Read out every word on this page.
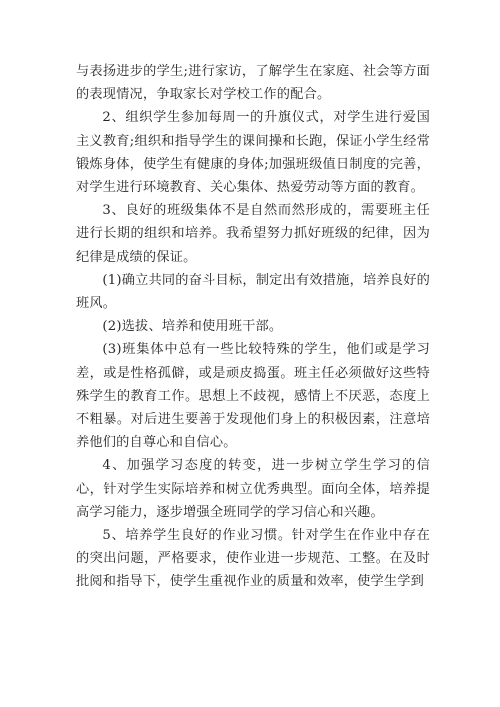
与表扬进步的学生;进行家访，了解学生在家庭、社会等方面的表现情况，争取家长对学校工作的配合。

2、组织学生参加每周一的升旗仪式，对学生进行爱国主义教育;组织和指导学生的课间操和长跑，保证小学生经常锻炼身体，使学生有健康的身体;加强班级值日制度的完善，对学生进行环境教育、关心集体、热爱劳动等方面的教育。

3、良好的班级集体不是自然而然形成的，需要班主任进行长期的组织和培养。我希望努力抓好班级的纪律，因为纪律是成绩的保证。

(1)确立共同的奋斗目标，制定出有效措施，培养良好的班风。

(2)选拔、培养和使用班干部。

(3)班集体中总有一些比较特殊的学生，他们或是学习差，或是性格孤僻，或是顽皮捣蛋。班主任必须做好这些特殊学生的教育工作。思想上不歧视，感情上不厌恶，态度上不粗暴。对后进生要善于发现他们身上的积极因素，注意培养他们的自尊心和自信心。

4、加强学习态度的转变，进一步树立学生学习的信心，针对学生实际培养和树立优秀典型。面向全体，培养提高学习能力，逐步增强全班同学的学习信心和兴趣。

5、培养学生良好的作业习惯。针对学生在作业中存在的突出问题，严格要求，使作业进一步规范、工整。在及时批阅和指导下，使学生重视作业的质量和效率，使学生学到
